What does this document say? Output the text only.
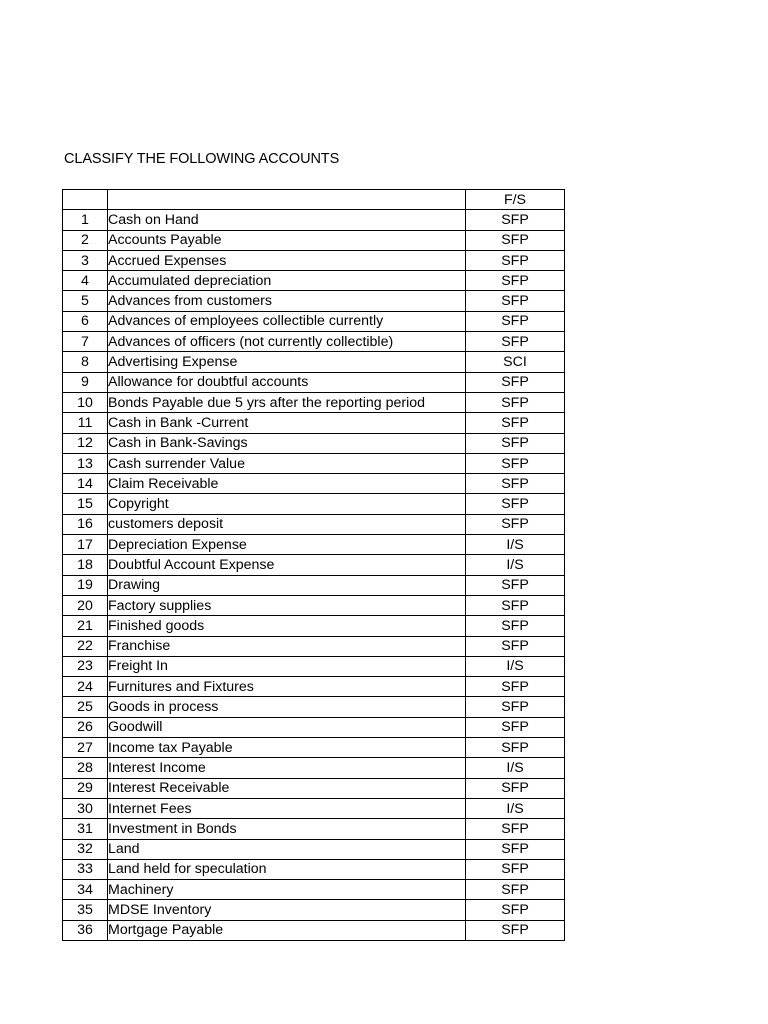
CLASSIFY THE FOLLOWING ACCOUNTS
		F/S
1	Cash on Hand	SFP
2	Accounts Payable	SFP
3	Accrued Expenses	SFP
4	Accumulated depreciation	SFP
5	Advances from customers	SFP
6	Advances of employees collectible currently	SFP
7	Advances of officers (not currently collectible)	SFP
8	Advertising Expense	SCI
9	Allowance for doubtful accounts	SFP
10	Bonds Payable due 5 yrs after the reporting period	SFP
11	Cash in Bank -Current	SFP
12	Cash in Bank-Savings	SFP
13	Cash surrender Value	SFP
14	Claim Receivable	SFP
15	Copyright	SFP
16	customers deposit	SFP
17	Depreciation Expense	I/S
18	Doubtful Account Expense	I/S
19	Drawing	SFP
20	Factory supplies	SFP
21	Finished goods	SFP
22	Franchise	SFP
23	Freight In	I/S
24	Furnitures and Fixtures	SFP
25	Goods in process	SFP
26	Goodwill	SFP
27	Income tax Payable	SFP
28	Interest Income	I/S
29	Interest Receivable	SFP
30	Internet Fees	I/S
31	Investment in Bonds	SFP
32	Land	SFP
33	Land held for speculation	SFP
34	Machinery	SFP
35	MDSE Inventory	SFP
36	Mortgage Payable	SFP
